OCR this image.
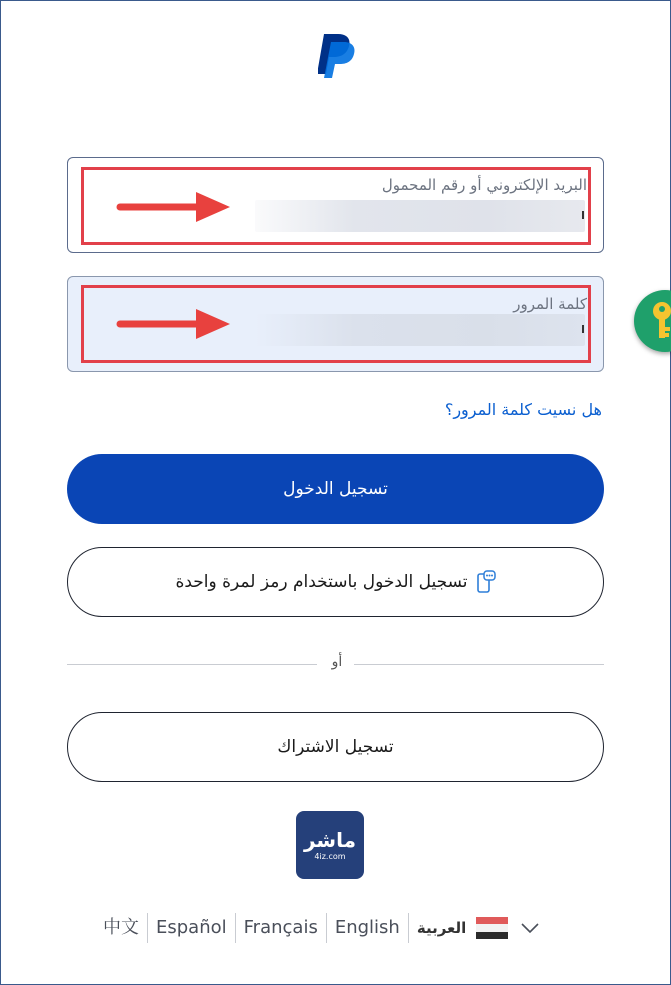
البريد الإلكتروني أو رقم المحمول
كلمة المرور
هل نسيت كلمة المرور؟
تسجيل الدخول
تسجيل الدخول باستخدام رمز لمرة واحدة
أو
تسجيل الاشتراك
ماشر
4iz.com
中文 Español Français English	العربية
